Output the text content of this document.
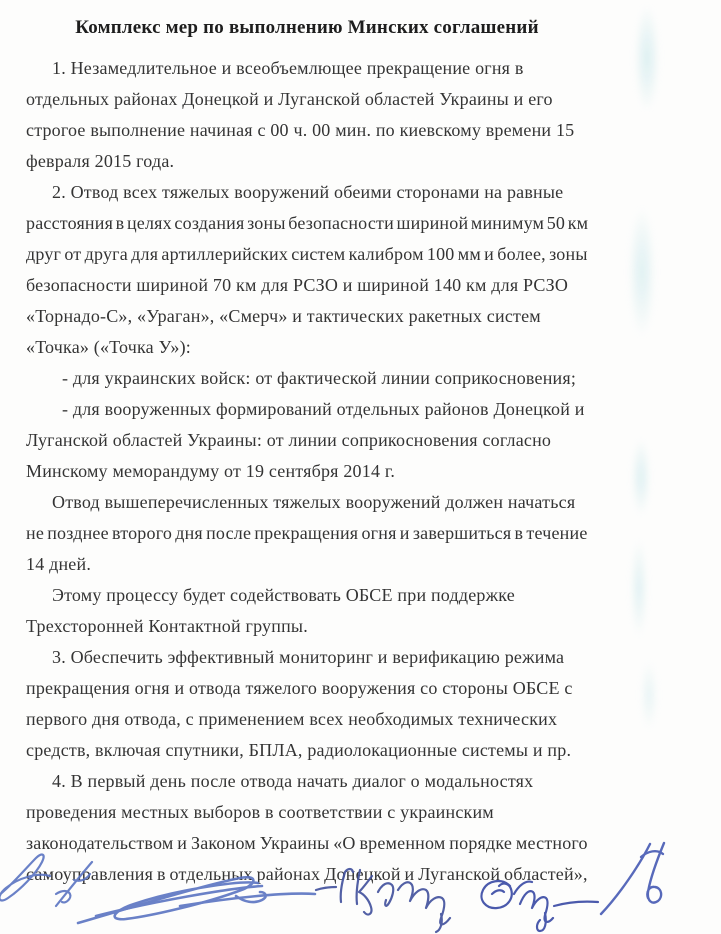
Комплекс мер по выполнению Минских соглашений
1. Незамедлительное и всеобъемлющее прекращение огня в
отдельных районах Донецкой и Луганской областей Украины и его
строгое выполнение начиная с 00 ч. 00 мин. по киевскому времени 15
февраля 2015 года.
2. Отвод всех тяжелых вооружений обеими сторонами на равные
расстояния в целях создания зоны безопасности шириной минимум 50 км
друг от друга для артиллерийских систем калибром 100 мм и более, зоны
безопасности шириной 70 км для РСЗО и шириной 140 км для РСЗО
«Торнадо-С», «Ураган», «Смерч» и тактических ракетных систем
«Точка» («Точка У»):
- для украинских войск: от фактической линии соприкосновения;
- для вооруженных формирований отдельных районов Донецкой и
Луганской областей Украины: от линии соприкосновения согласно
Минскому меморандуму от 19 сентября 2014 г.
Отвод вышеперечисленных тяжелых вооружений должен начаться
не позднее второго дня после прекращения огня и завершиться в течение
14 дней.
Этому процессу будет содействовать ОБСЕ при поддержке
Трехсторонней Контактной группы.
3. Обеспечить эффективный мониторинг и верификацию режима
прекращения огня и отвода тяжелого вооружения со стороны ОБСЕ с
первого дня отвода, с применением всех необходимых технических
средств, включая спутники, БПЛА, радиолокационные системы и пр.
4. В первый день после отвода начать диалог о модальностях
проведения местных выборов в соответствии с украинским
законодательством и Законом Украины «О временном порядке местного
самоуправления в отдельных районах Донецкой и Луганской областей»,
